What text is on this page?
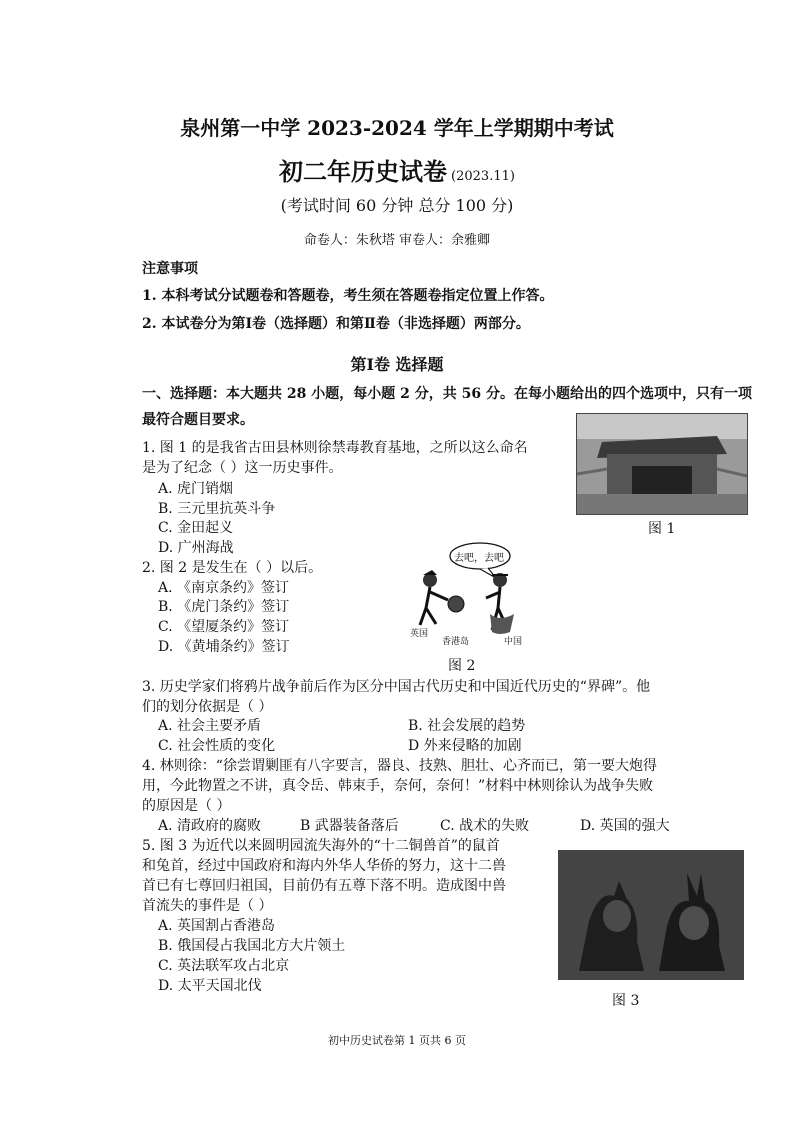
泉州第一中学 2023-2024 学年上学期期中考试
初二年历史试卷 (2023.11)
(考试时间 60 分钟 总分 100 分)
命卷人：朱秋塔 审卷人：余雅卿
注意事项
1. 本科考试分试题卷和答题卷，考生须在答题卷指定位置上作答。
2. 本试卷分为第Ⅰ卷（选择题）和第Ⅱ卷（非选择题）两部分。
第Ⅰ卷 选择题
一、选择题：本大题共 28 小题，每小题 2 分，共 56 分。在每小题给出的四个选项中，只有一项
最符合题目要求。
1. 图 1 的是我省古田县林则徐禁毒教育基地，之所以这么命名
是为了纪念（ ）这一历史事件。
A. 虎门销烟
B. 三元里抗英斗争
C. 金田起义
D. 广州海战
图 1
2. 图 2 是发生在（ ）以后。
A. 《南京条约》签订
B. 《虎门条约》签订
C. 《望厦条约》签订
D. 《黄埔条约》签订
去吧，去吧
英国
香港岛	中国
图 2
3. 历史学家们将鸦片战争前后作为区分中国古代历史和中国近代历史的“界碑”。他
们的划分依据是（ ）
A. 社会主要矛盾	B. 社会发展的趋势
C. 社会性质的变化	D 外来侵略的加剧
4. 林则徐：“徐尝谓剿匪有八字要言，器良、技熟、胆壮、心齐而已，第一要大炮得
用，今此物置之不讲，真令岳、韩束手，奈何，奈何！”材料中林则徐认为战争失败
的原因是（ ）
A. 清政府的腐败	B 武器装备落后	C. 战术的失败	D. 英国的强大
5. 图 3 为近代以来圆明园流失海外的“十二铜兽首”的鼠首
和兔首，经过中国政府和海内外华人华侨的努力，这十二兽
首已有七尊回归祖国，目前仍有五尊下落不明。造成图中兽
首流失的事件是（ ）
A. 英国割占香港岛
B. 俄国侵占我国北方大片领土
C. 英法联军攻占北京
D. 太平天国北伐
图 3
初中历史试卷第 1 页共 6 页
